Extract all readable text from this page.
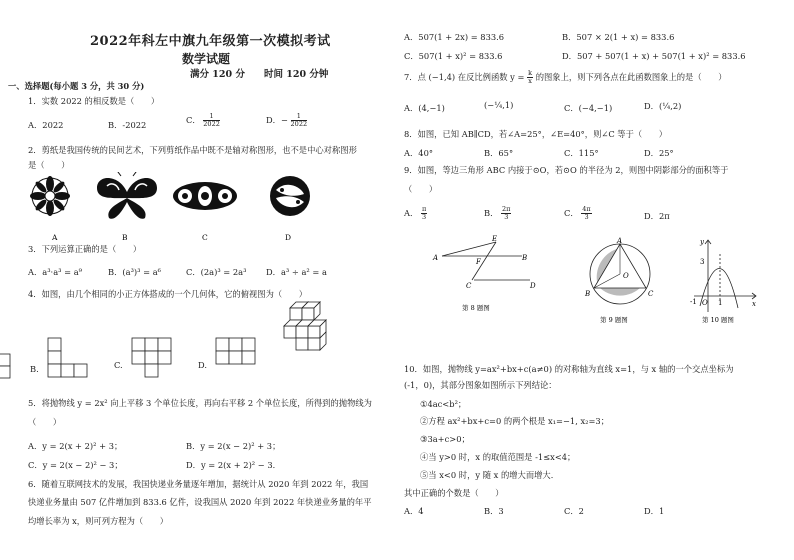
2022年科左中旗九年级第一次模拟考试
数学试题
满分 120 分　　时间 120 分钟
一、选择题(每小题 3 分，共 30 分)
1．实数 2022 的相反数是（　　）
A．2022	B．-2022	C． $\frac{1}{2022}$	D．− $\frac{1}{2022}$
2．剪纸是我国传统的民间艺术，下列剪纸作品中既不是轴对称图形，也不是中心对称图形
是（　　）
A	B	C	D
3．下列运算正确的是（　　）
A．a³·a³ = a⁹	B．(a³)³ = a⁶	C．(2a)³ = 2a³ D．a³ ÷ a² = a
4．如图，由几个相同的小正方体搭成的一个几何体，它的俯视图为（　　）
B.	C.	D.
5．将抛物线 y = 2x² 向上平移 3 个单位长度，再向右平移 2 个单位长度，所得到的抛物线为
（　　）
A．y = 2(x + 2)² + 3；	B．y = 2(x − 2)² + 3；
C．y = 2(x − 2)² − 3；	D．y = 2(x + 2)² − 3．
6．随着互联网技术的发展，我国快递业务量逐年增加，据统计从 2020 年到 2022 年，我国
快递业务量由 507 亿件增加到 833.6 亿件，设我国从 2020 年到 2022 年快递业务量的年平
均增长率为 x，则可列方程为（　　）
A．507(1 + 2x) = 833.6	B．507 × 2(1 + x) = 833.6
C．507(1 + x)² = 833.6	D．507 + 507(1 + x) + 507(1 + x)² = 833.6
7．点 (−1,4) 在反比例函数 $y = \frac{k}{x}$ 的图象上，则下列各点在此函数图象上的是（　　）
A．(4,−1)	(−¼,1)	C．(−4,−1)	D．(¼,2)
8．如图，已知 AB∥CD，若∠A=25°，∠E=40°，则∠C 等于（　　）
A．40°	B．65°	C．115°	D．25°
9．如图，等边三角形 ABC 内接于⊙O，若⊙O 的半径为 2，则图中阴影部分的面积等于
（　　）
A． $\frac{\pi}{3}$	B． $\frac{2\pi}{3}$	C． $\frac{4\pi}{3}$	D．2π
E
A	B
F
C	D
第 8 题图
A
O
B	C
第 9 题图
y
3
-1 O 1	x
第 10 题图
10．如图，抛物线 y=ax²+bx+c(a≠0) 的对称轴为直线 x=1，与 x 轴的一个交点坐标为
(-1，0)，其部分图象如图所示下列结论：
①4ac<b²；
②方程 ax²+bx+c=0 的两个根是 x₁=−1, x₂=3；
③3a+c>0；
④当 y>0 时，x 的取值范围是 -1≤x<4；
⑤当 x<0 时，y 随 x 的增大而增大．
其中正确的个数是（　　）
A．4	B．3	C．2	D．1
